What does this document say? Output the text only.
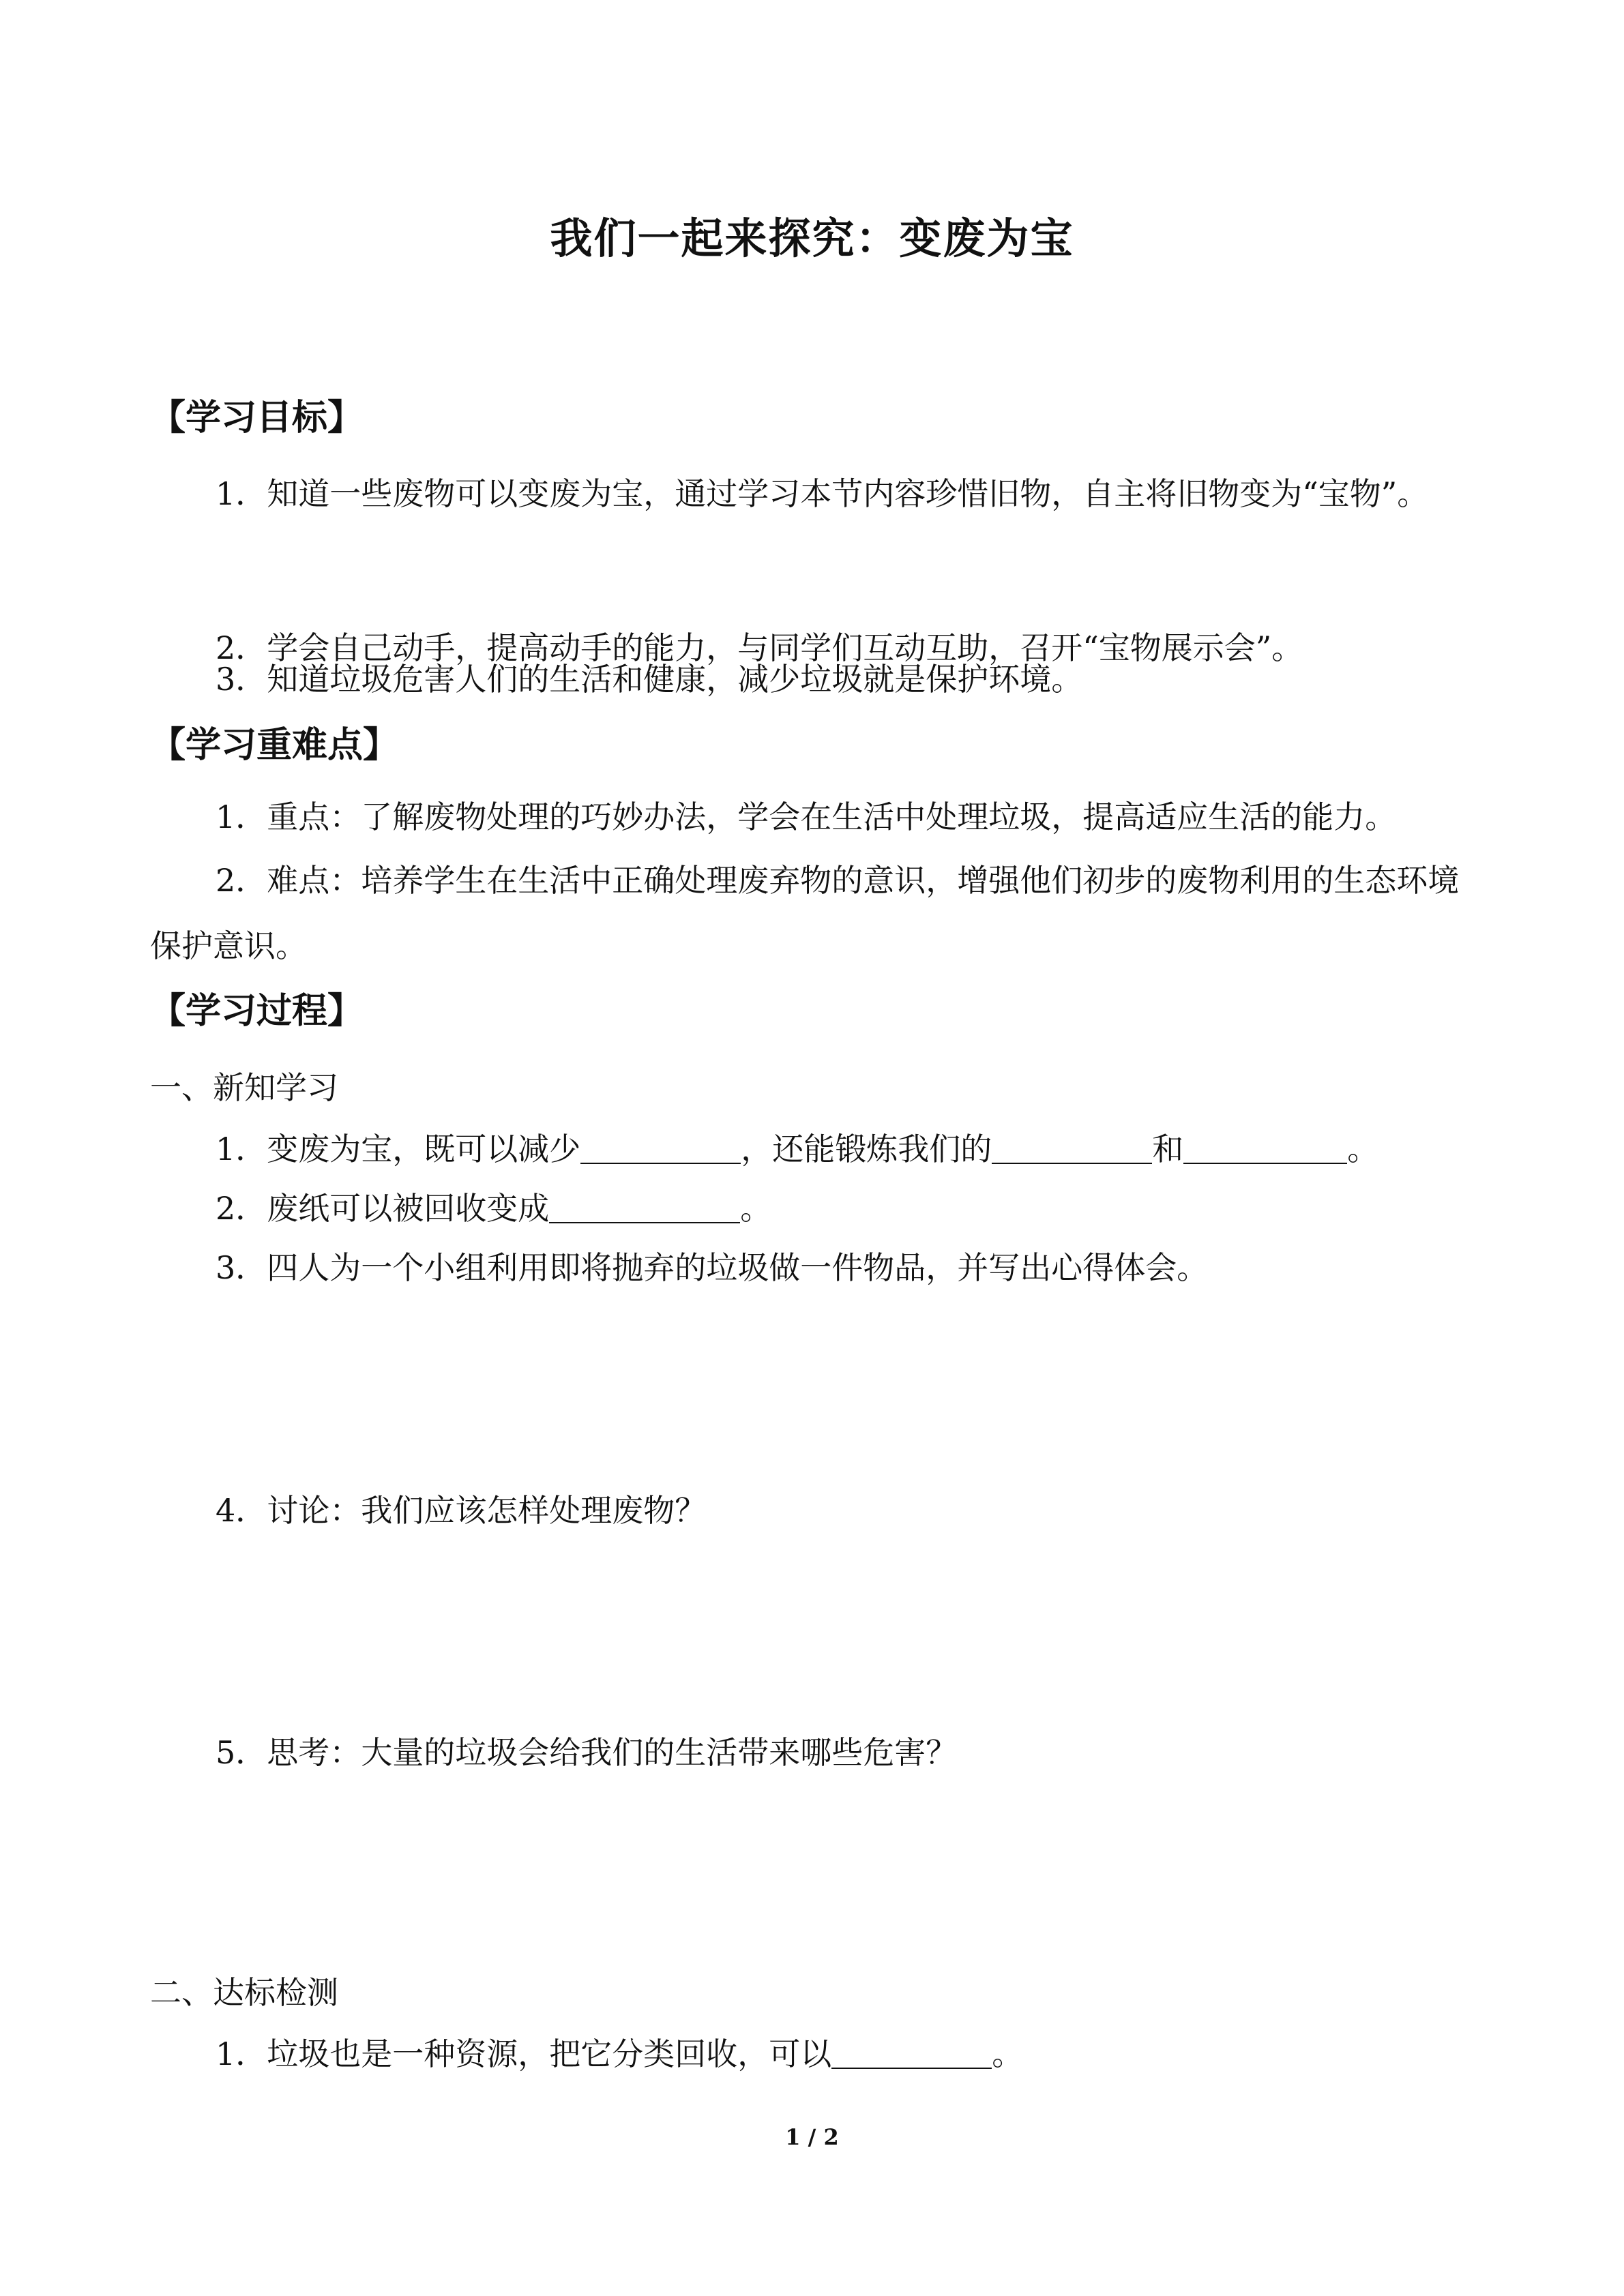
我们一起来探究：变废为宝
【学习目标】
1．知道一些废物可以变废为宝，通过学习本节内容珍惜旧物，自主将旧物变为“宝物”。
2．学会自己动手，提高动手的能力，与同学们互动互助，召开“宝物展示会”。
3．知道垃圾危害人们的生活和健康，减少垃圾就是保护环境。
【学习重难点】
1．重点：了解废物处理的巧妙办法，学会在生活中处理垃圾，提高适应生活的能力。
2．难点：培养学生在生活中正确处理废弃物的意识，增强他们初步的废物利用的生态环境保护意识。
【学习过程】
一、新知学习
1．变废为宝，既可以减少	，还能锻炼我们的	和	。
2．废纸可以被回收变成	。
3．四人为一个小组利用即将抛弃的垃圾做一件物品，并写出心得体会。
4．讨论：我们应该怎样处理废物？
5．思考：大量的垃圾会给我们的生活带来哪些危害？
二、达标检测
1．垃圾也是一种资源，把它分类回收，可以	。
1 / 2
